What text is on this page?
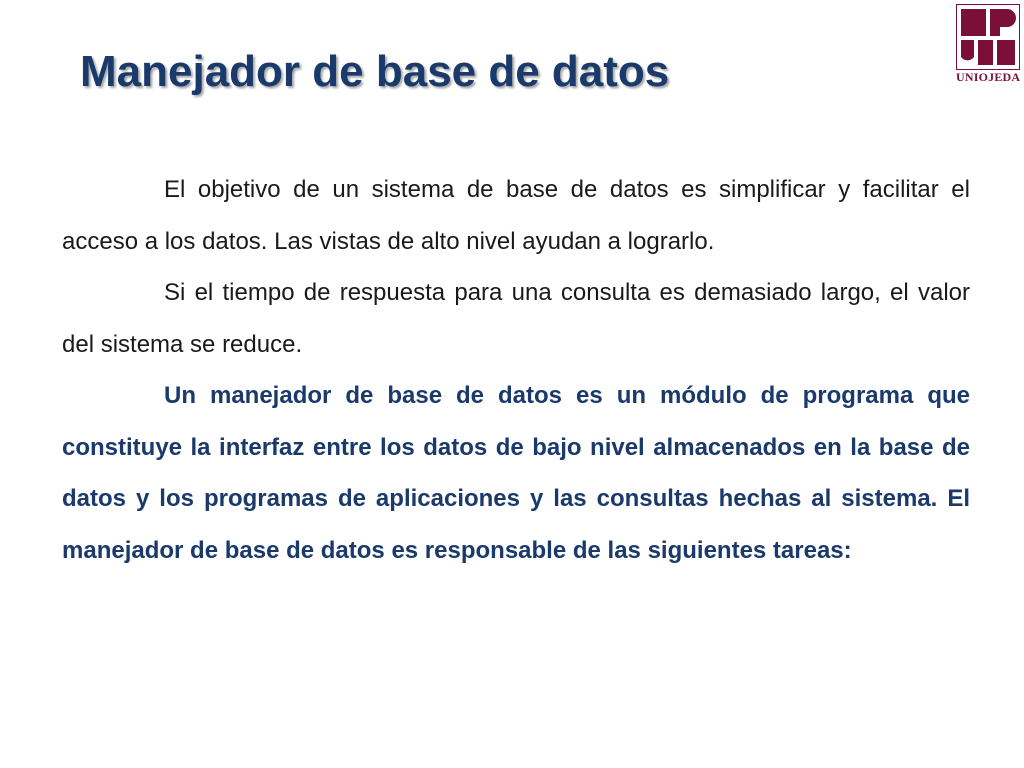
Manejador de base de datos	UNIOJEDA

El objetivo de un sistema de base de datos es simplificar y facilitar el acceso a los datos. Las vistas de alto nivel ayudan a lograrlo.

Si el tiempo de respuesta para una consulta es demasiado largo, el valor del sistema se reduce.

Un manejador de base de datos es un módulo de programa que constituye la interfaz entre los datos de bajo nivel almacenados en la base de datos y los programas de aplicaciones y las consultas hechas al sistema. El manejador de base de datos es responsable de las siguientes tareas:
